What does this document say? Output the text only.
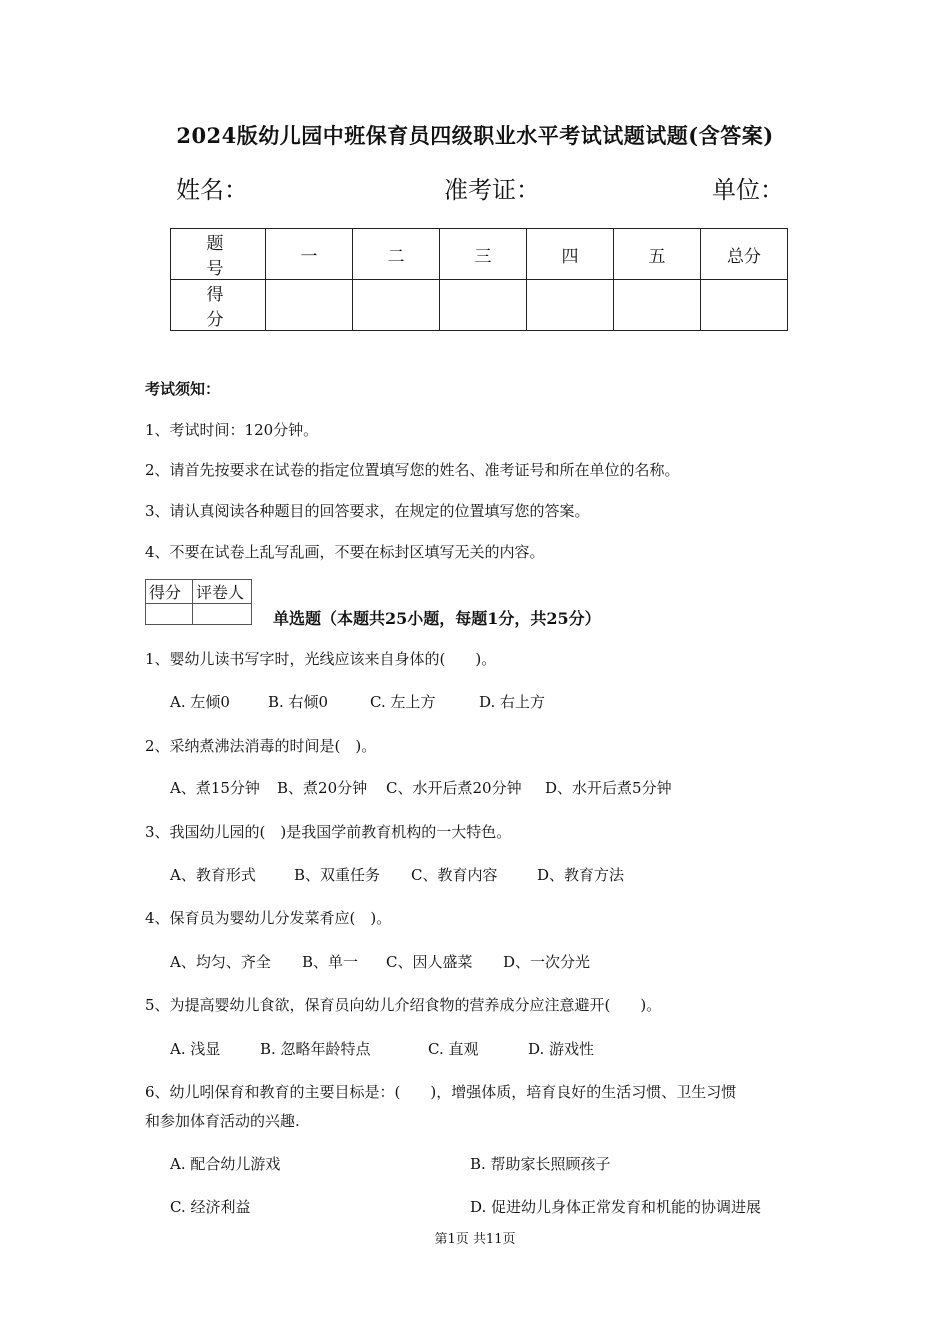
2024版幼儿园中班保育员四级职业水平考试试题试题(含答案)
姓名：	准考证：	单位：
题　号	一	二	三	四	五	总分
得　分						
考试须知：
1、考试时间：120分钟。
2、请首先按要求在试卷的指定位置填写您的姓名、准考证号和所在单位的名称。
3、请认真阅读各种题目的回答要求，在规定的位置填写您的答案。
4、不要在试卷上乱写乱画，不要在标封区填写无关的内容。
得分	评卷人

单选题（本题共25小题，每题1分，共25分）
1、婴幼儿读书写字时，光线应该来自身体的(　　)。
A. 左倾0	B. 右倾0	C. 左上方	D. 右上方
2、采纳煮沸法消毒的时间是(　)。
A、煮15分钟 B、煮20分钟 C、水开后煮20分钟 D、水开后煮5分钟
3、我国幼儿园的(　)是我国学前教育机构的一大特色。
A、教育形式	B、双重任务 C、教育内容	D、教育方法
4、保育员为婴幼儿分发菜肴应(　)。
A、均匀、齐全 B、单一 C、因人盛菜 D、一次分光
5、为提高婴幼儿食欲，保育员向幼儿介绍食物的营养成分应注意避开(　　)。
A. 浅显	B. 忽略年龄特点	C. 直观	D. 游戏性
6、幼儿吲保育和教育的主要目标是：(　　)，增强体质，培育良好的生活习惯、卫生习惯
和参加体育活动的兴趣.
A. 配合幼儿游戏	B. 帮助家长照顾孩子
C. 经济利益	D. 促进幼儿身体正常发育和机能的协调进展
第1页 共11页
